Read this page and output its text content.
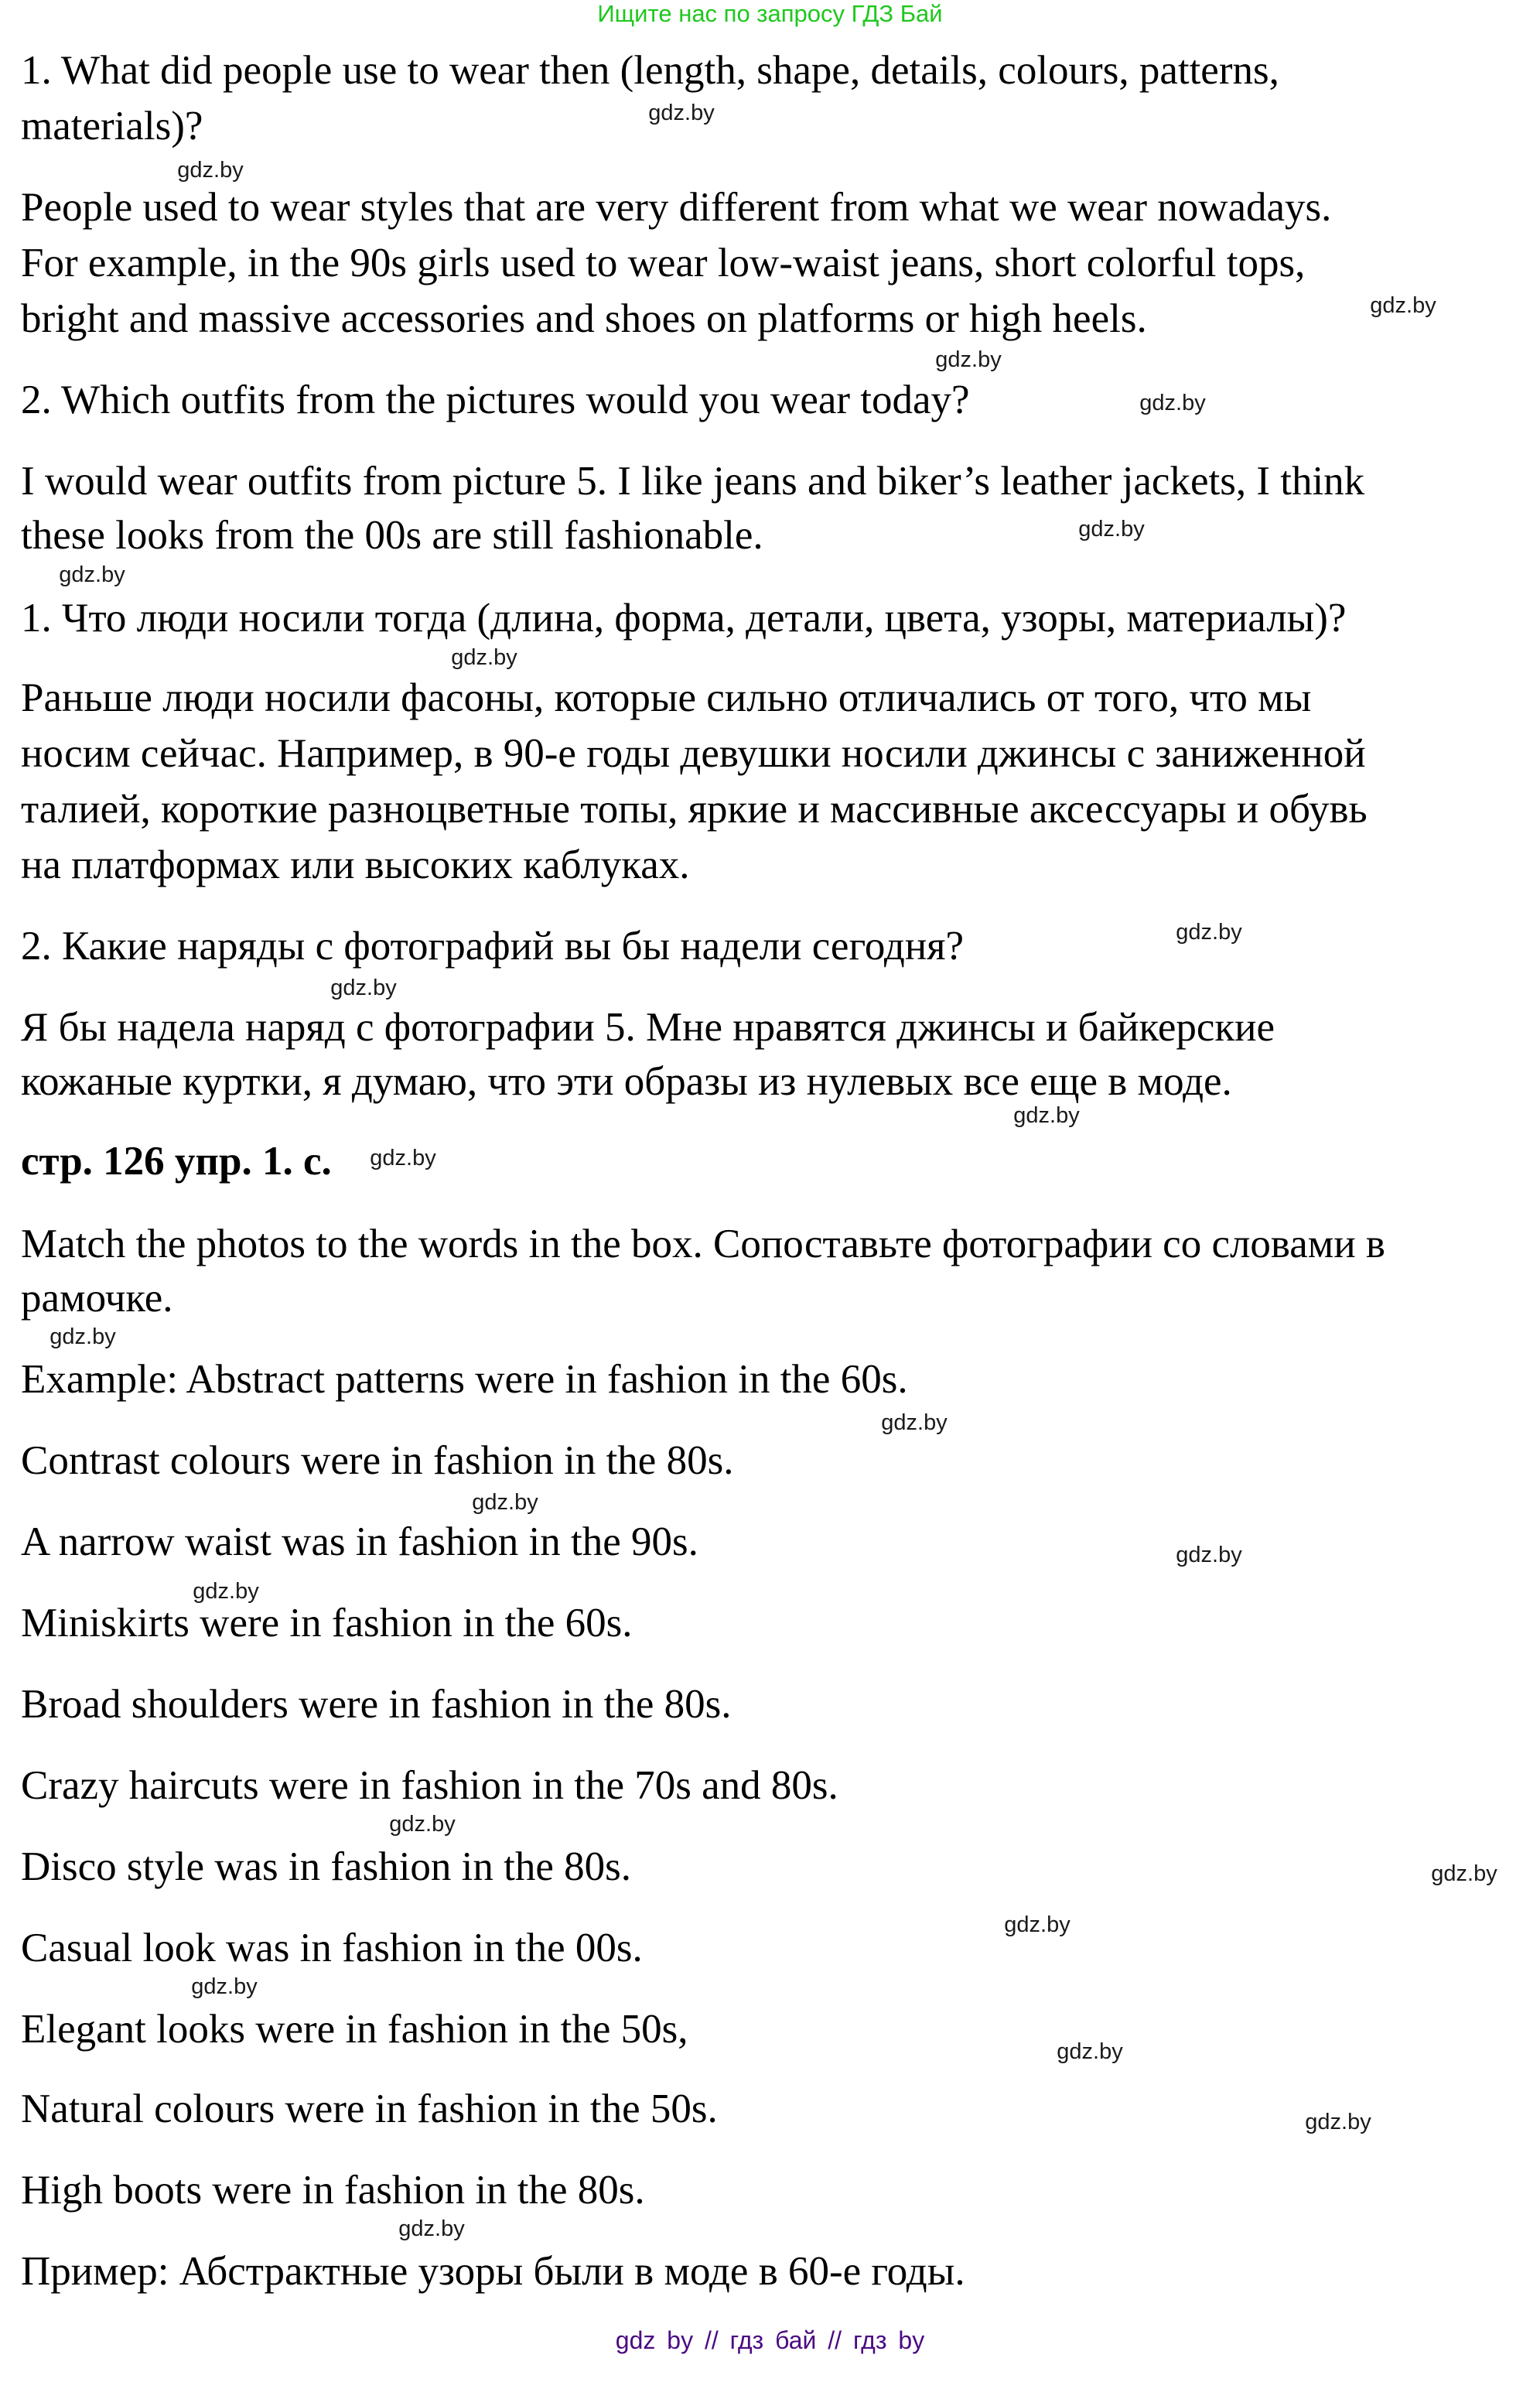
Ищите нас по запросу ГДЗ Бай
1. What did people use to wear then (length, shape, details, colours, patterns,
materials)?
People used to wear styles that are very different from what we wear nowadays.
For example, in the 90s girls used to wear low-waist jeans, short colorful tops,
bright and massive accessories and shoes on platforms or high heels.
2. Which outfits from the pictures would you wear today?
I would wear outfits from picture 5. I like jeans and biker’s leather jackets, I think
these looks from the 00s are still fashionable.
1. Что люди носили тогда (длина, форма, детали, цвета, узоры, материалы)?
Раньше люди носили фасоны, которые сильно отличались от того, что мы
носим сейчас. Например, в 90-е годы девушки носили джинсы с заниженной
талией, короткие разноцветные топы, яркие и массивные аксессуары и обувь
на платформах или высоких каблуках.
2. Какие наряды с фотографий вы бы надели сегодня?
Я бы надела наряд с фотографии 5. Мне нравятся джинсы и байкерские
кожаные куртки, я думаю, что эти образы из нулевых все еще в моде.
стр. 126 упр. 1. с.
Match the photos to the words in the box. Сопоставьте фотографии со словами в
рамочке.
Example: Abstract patterns were in fashion in the 60s.
Contrast colours were in fashion in the 80s.
A narrow waist was in fashion in the 90s.
Miniskirts were in fashion in the 60s.
Broad shoulders were in fashion in the 80s.
Crazy haircuts were in fashion in the 70s and 80s.
Disco style was in fashion in the 80s.
Casual look was in fashion in the 00s.
Elegant looks were in fashion in the 50s,
Natural colours were in fashion in the 50s.
High boots were in fashion in the 80s.
Пример: Абстрактные узоры были в моде в 60-е годы.
gdz.by
gdz.by
gdz.by
gdz.by
gdz.by
gdz.by
gdz.by
gdz.by
gdz.by
gdz.by
gdz.by
gdz.by
gdz.by
gdz.by
gdz.by
gdz.by
gdz.by
gdz.by
gdz.by
gdz.by
gdz.by
gdz.by
gdz.by
gdz.by
gdz by // гдз бай // гдз by
